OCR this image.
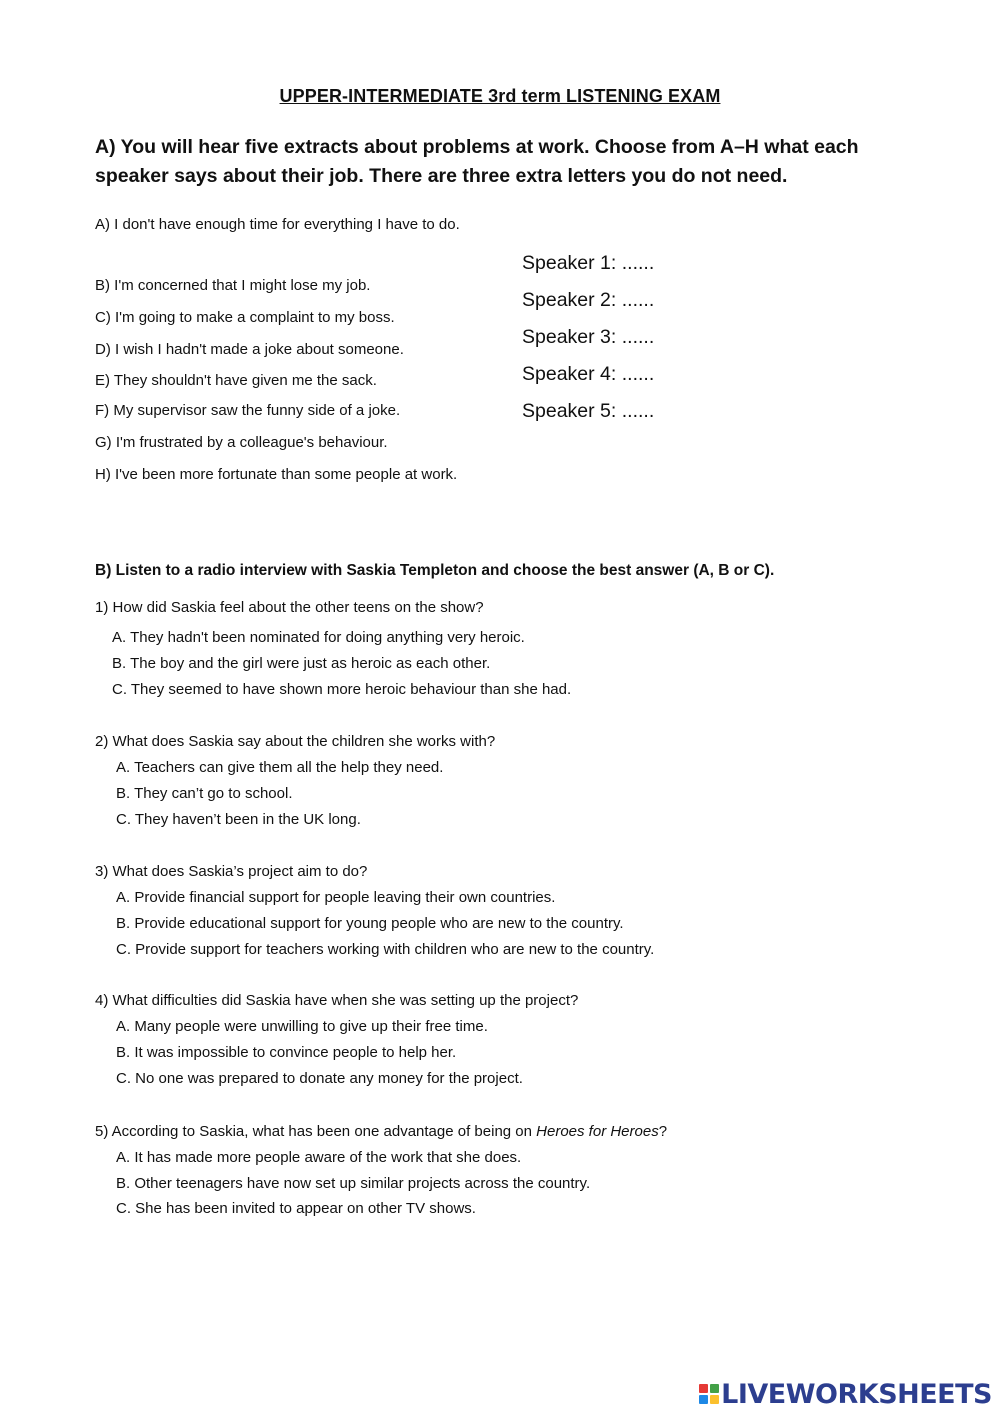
UPPER-INTERMEDIATE 3rd term LISTENING EXAM
A) You will hear five extracts about problems at work. Choose from A–H what each speaker says about their job. There are three extra letters you do not need.
A) I don't have enough time for everything I have to do.
B) I'm concerned that I might lose my job.
C) I'm going to make a complaint to my boss.
D) I wish I hadn't made a joke about someone.
E) They shouldn't have given me the sack.
F) My supervisor saw the funny side of a joke.
G) I'm frustrated by a colleague's behaviour.
H) I've been more fortunate than some people at work.
Speaker 1: ......
Speaker 2: ......
Speaker 3: ......
Speaker 4: ......
Speaker 5: ......
B) Listen to a radio interview with Saskia Templeton and choose the best answer (A, B or C).
1) How did Saskia feel about the other teens on the show?
A. They hadn't been nominated for doing anything very heroic.
B. The boy and the girl were just as heroic as each other.
C. They seemed to have shown more heroic behaviour than she had.
2) What does Saskia say about the children she works with?
A. Teachers can give them all the help they need.
B. They can’t go to school.
C. They haven’t been in the UK long.
3) What does Saskia’s project aim to do?
A. Provide financial support for people leaving their own countries.
B. Provide educational support for young people who are new to the country.
C. Provide support for teachers working with children who are new to the country.
4) What difficulties did Saskia have when she was setting up the project?
A. Many people were unwilling to give up their free time.
B. It was impossible to convince people to help her.
C. No one was prepared to donate any money for the project.
5) According to Saskia, what has been one advantage of being on Heroes for Heroes?
A. It has made more people aware of the work that she does.
B. Other teenagers have now set up similar projects across the country.
C. She has been invited to appear on other TV shows.
LIVEWORKSHEETS
